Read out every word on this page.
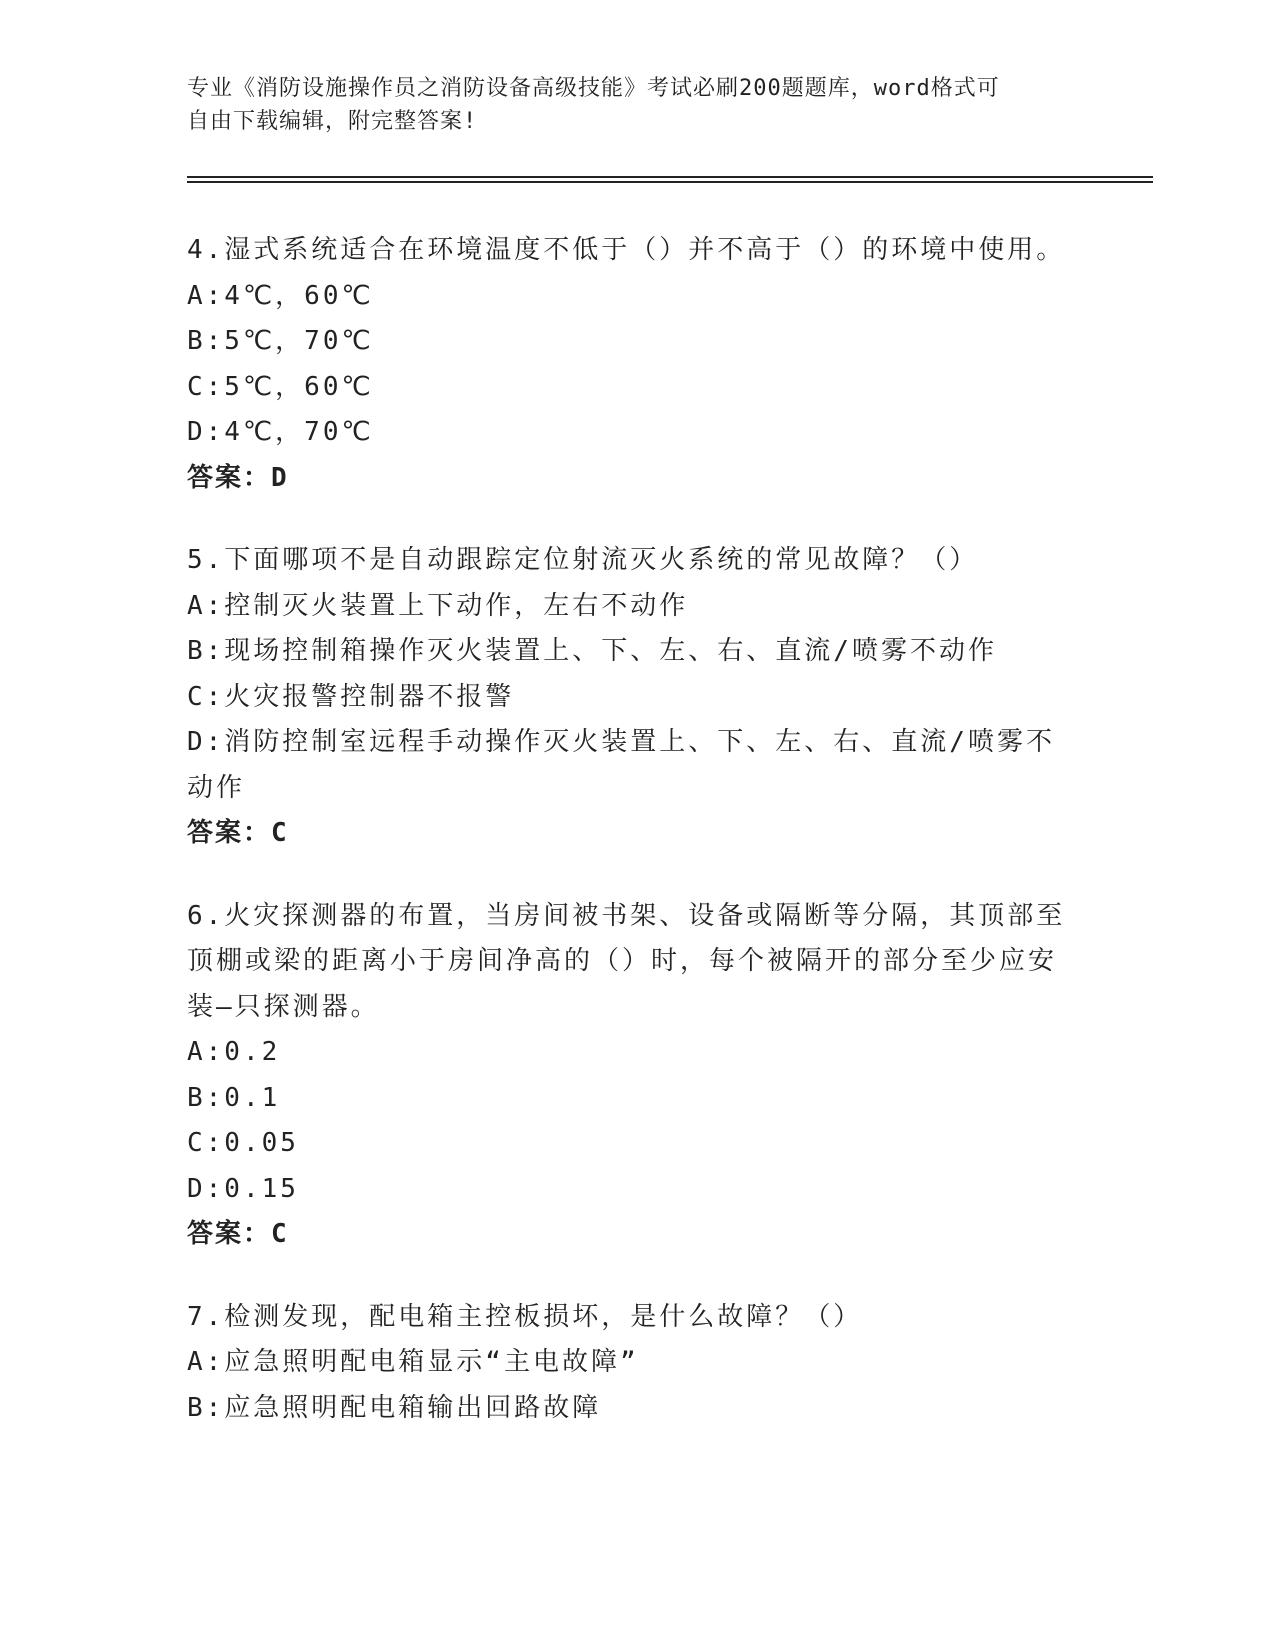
专业《消防设施操作员之消防设备高级技能》考试必刷200题题库，word格式可
自由下载编辑，附完整答案!
4.湿式系统适合在环境温度不低于（）并不高于（）的环境中使用。
A:4℃，60℃
B:5℃，70℃
C:5℃，60℃
D:4℃，70℃
答案：D
5.下面哪项不是自动跟踪定位射流灭火系统的常见故障？（）
A:控制灭火装置上下动作，左右不动作
B:现场控制箱操作灭火装置上、下、左、右、直流/喷雾不动作
C:火灾报警控制器不报警
D:消防控制室远程手动操作灭火装置上、下、左、右、直流/喷雾不动作
答案：C
6.火灾探测器的布置，当房间被书架、设备或隔断等分隔，其顶部至顶棚或梁的距离小于房间净高的（）时，每个被隔开的部分至少应安装—只探测器。
A:0.2
B:0.1
C:0.05
D:0.15
答案：C
7.检测发现，配电箱主控板损坏，是什么故障？（）
A:应急照明配电箱显示“主电故障”
B:应急照明配电箱输出回路故障
